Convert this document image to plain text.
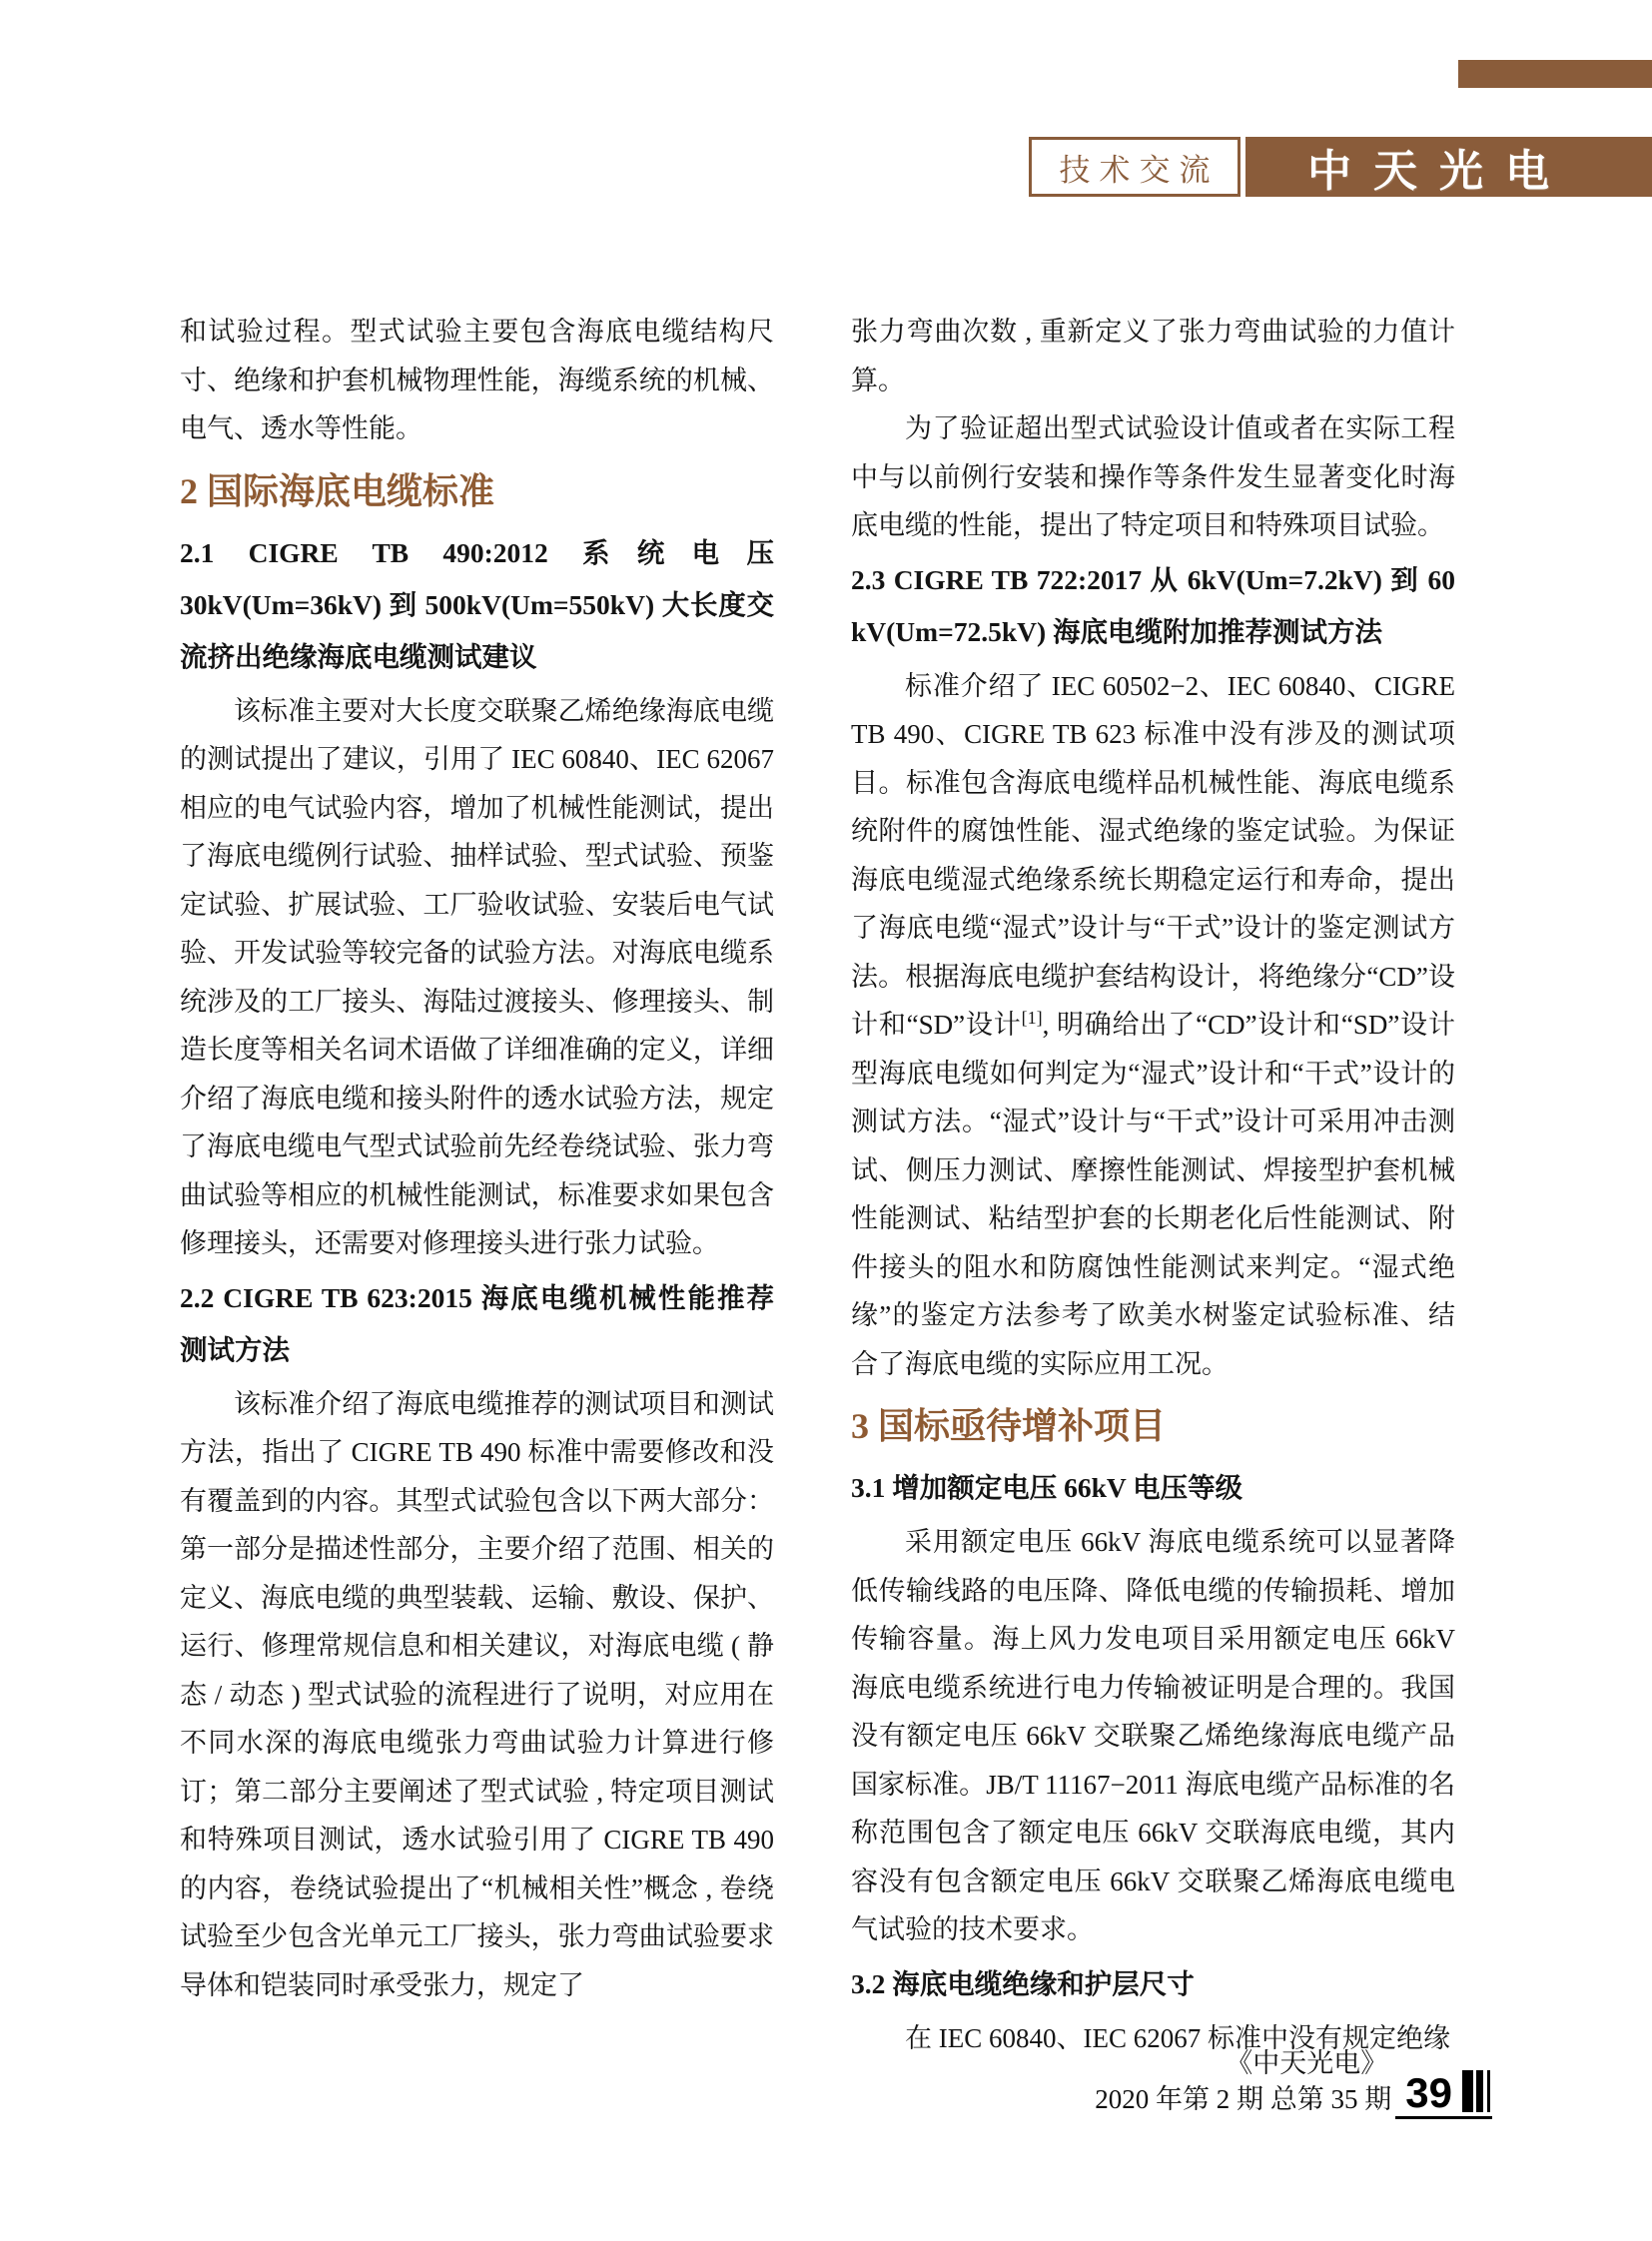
技术交流 中天光电

和试验过程。型式试验主要包含海底电缆结构尺寸、绝缘和护套机械物理性能，海缆系统的机械、电气、透水等性能。

2 国际海底电缆标准
2.1 CIGRE TB 490:2012 系统电压 30kV(Um=36kV) 到 500kV(Um=550kV) 大长度交流挤出绝缘海底电缆测试建议

该标准主要对大长度交联聚乙烯绝缘海底电缆的测试提出了建议，引用了 IEC 60840、IEC 62067 相应的电气试验内容，增加了机械性能测试，提出了海底电缆例行试验、抽样试验、型式试验、预鉴定试验、扩展试验、工厂验收试验、安装后电气试验、开发试验等较完备的试验方法。对海底电缆系统涉及的工厂接头、海陆过渡接头、修理接头、制造长度等相关名词术语做了详细准确的定义，详细介绍了海底电缆和接头附件的透水试验方法，规定了海底电缆电气型式试验前先经卷绕试验、张力弯曲试验等相应的机械性能测试，标准要求如果包含修理接头，还需要对修理接头进行张力试验。

2.2 CIGRE TB 623:2015 海底电缆机械性能推荐测试方法

该标准介绍了海底电缆推荐的测试项目和测试方法，指出了 CIGRE TB 490 标准中需要修改和没有覆盖到的内容。其型式试验包含以下两大部分：第一部分是描述性部分，主要介绍了范围、相关的定义、海底电缆的典型装载、运输、敷设、保护、运行、修理常规信息和相关建议，对海底电缆 ( 静态 / 动态 ) 型式试验的流程进行了说明，对应用在不同水深的海底电缆张力弯曲试验力计算进行修订；第二部分主要阐述了型式试验 , 特定项目测试和特殊项目测试，透水试验引用了 CIGRE TB 490 的内容，卷绕试验提出了“机械相关性”概念 , 卷绕试验至少包含光单元工厂接头，张力弯曲试验要求导体和铠装同时承受张力，规定了

张力弯曲次数 , 重新定义了张力弯曲试验的力值计算。

为了验证超出型式试验设计值或者在实际工程中与以前例行安装和操作等条件发生显著变化时海底电缆的性能，提出了特定项目和特殊项目试验。

2.3 CIGRE TB 722:2017 从 6kV(Um=7.2kV) 到 60 kV(Um=72.5kV) 海底电缆附加推荐测试方法

标准介绍了 IEC 60502−2、IEC 60840、CIGRE TB 490、CIGRE TB 623 标准中没有涉及的测试项目。标准包含海底电缆样品机械性能、海底电缆系统附件的腐蚀性能、湿式绝缘的鉴定试验。为保证海底电缆湿式绝缘系统长期稳定运行和寿命，提出了海底电缆“湿式”设计与“干式”设计的鉴定测试方法。根据海底电缆护套结构设计，将绝缘分“CD”设计和“SD”设计[1], 明确给出了“CD”设计和“SD”设计型海底电缆如何判定为“湿式”设计和“干式”设计的测试方法。“湿式”设计与“干式”设计可采用冲击测试、侧压力测试、摩擦性能测试、焊接型护套机械性能测试、粘结型护套的长期老化后性能测试、附件接头的阻水和防腐蚀性能测试来判定。“湿式绝缘”的鉴定方法参考了欧美水树鉴定试验标准、结合了海底电缆的实际应用工况。

3 国标亟待增补项目
3.1 增加额定电压 66kV 电压等级

采用额定电压 66kV 海底电缆系统可以显著降低传输线路的电压降、降低电缆的传输损耗、增加传输容量。海上风力发电项目采用额定电压 66kV 海底电缆系统进行电力传输被证明是合理的。我国没有额定电压 66kV 交联聚乙烯绝缘海底电缆产品国家标准。JB/T 11167−2011 海底电缆产品标准的名称范围包含了额定电压 66kV 交联海底电缆，其内容没有包含额定电压 66kV 交联聚乙烯海底电缆电气试验的技术要求。

3.2 海底电缆绝缘和护层尺寸

在 IEC 60840、IEC 62067 标准中没有规定绝缘

《中天光电》
2020 年第 2 期 总第 35 期 39
